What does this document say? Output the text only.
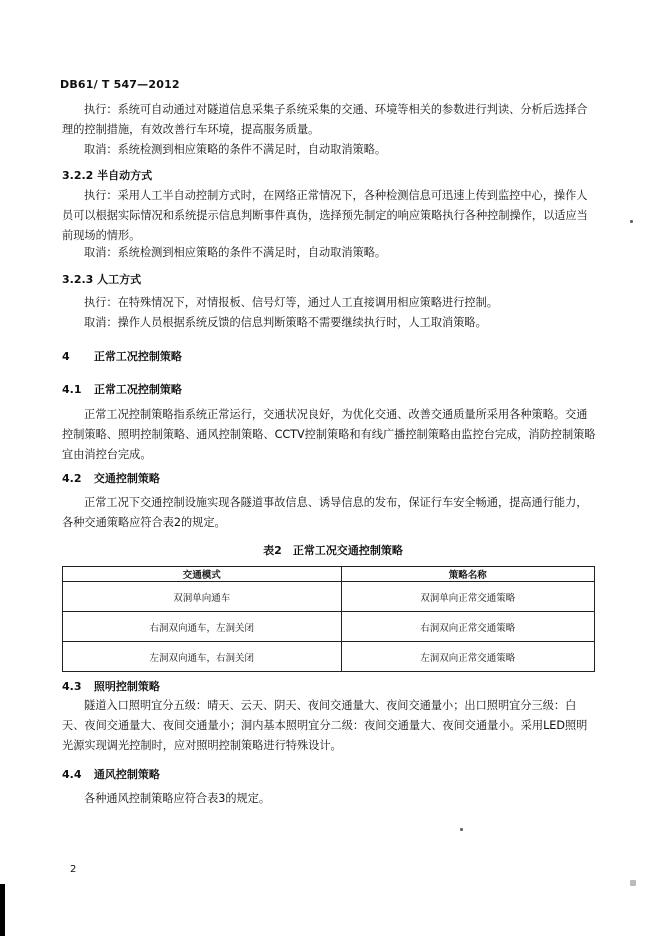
DB61/ T 547—2012
执行：系统可自动通过对隧道信息采集子系统采集的交通、环境等相关的参数进行判读、分析后选择合理的控制措施，有效改善行车环境，提高服务质量。
取消：系统检测到相应策略的条件不满足时，自动取消策略。
3.2.2 半自动方式
执行：采用人工半自动控制方式时，在网络正常情况下，各种检测信息可迅速上传到监控中心，操作人员可以根据实际情况和系统提示信息判断事件真伪，选择预先制定的响应策略执行各种控制操作，以适应当前现场的情形。
取消：系统检测到相应策略的条件不满足时，自动取消策略。
3.2.3 人工方式
执行：在特殊情况下，对情报板、信号灯等，通过人工直接调用相应策略进行控制。
取消：操作人员根据系统反馈的信息判断策略不需要继续执行时，人工取消策略。
4 正常工况控制策略
4.1 正常工况控制策略
正常工况控制策略指系统正常运行，交通状况良好，为优化交通、改善交通质量所采用各种策略。交通控制策略、照明控制策略、通风控制策略、CCTV控制策略和有线广播控制策略由监控台完成，消防控制策略宜由消控台完成。
4.2 交通控制策略
正常工况下交通控制设施实现各隧道事故信息、诱导信息的发布，保证行车安全畅通，提高通行能力，各种交通策略应符合表2的规定。
表2　正常工况交通控制策略
交通模式	策略名称
双洞单向通车	双洞单向正常交通策略
右洞双向通车，左洞关闭	右洞双向正常交通策略
左洞双向通车，右洞关闭	左洞双向正常交通策略
4.3 照明控制策略
隧道入口照明宜分五级：晴天、云天、阴天、夜间交通量大、夜间交通量小；出口照明宜分三级：白天、夜间交通量大、夜间交通量小；洞内基本照明宜分二级：夜间交通量大、夜间交通量小。采用LED照明光源实现调光控制时，应对照明控制策略进行特殊设计。
4.4 通风控制策略
各种通风控制策略应符合表3的规定。
2
